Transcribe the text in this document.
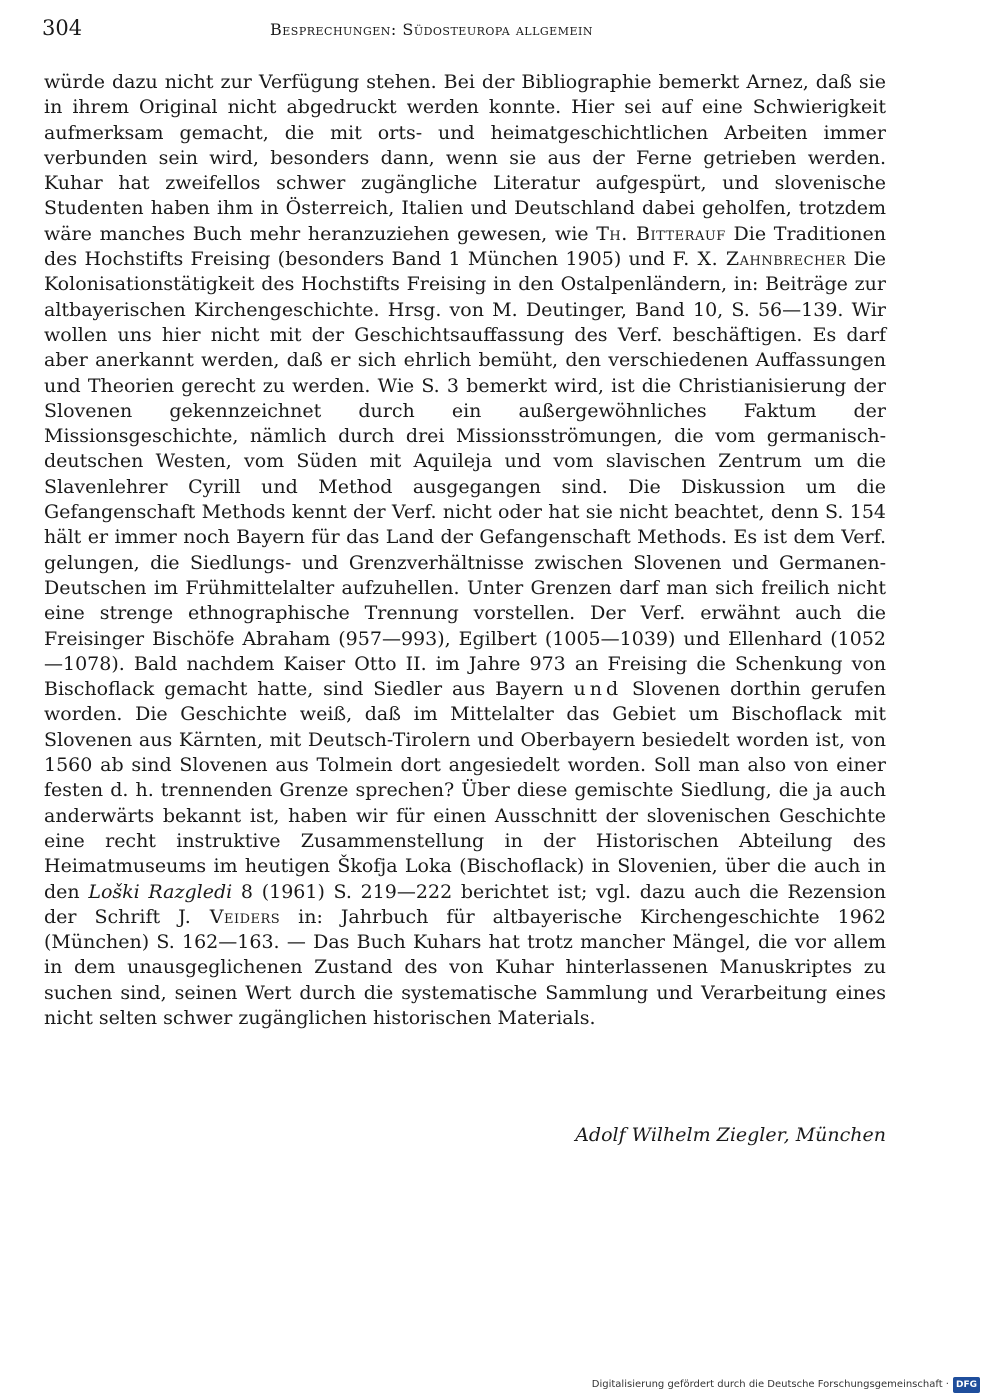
304	Besprechungen: Südosteuropa allgemein

würde dazu nicht zur Verfügung stehen. Bei der Bibliographie bemerkt Arnez, daß sie in ihrem Original nicht abgedruckt werden konnte. Hier sei auf eine Schwierigkeit aufmerksam gemacht, die mit orts- und heimatgeschichtlichen Arbeiten immer verbunden sein wird, besonders dann, wenn sie aus der Ferne getrieben werden. Kuhar hat zweifellos schwer zugängliche Literatur aufgespürt, und slovenische Studenten haben ihm in Österreich, Italien und Deutschland dabei geholfen, trotzdem wäre manches Buch mehr heranzuziehen gewesen, wie Th. Bitterauf Die Traditionen des Hochstifts Freising (besonders Band 1 München 1905) und F. X. Zahnbrecher Die Kolonisationstätigkeit des Hochstifts Freising in den Ostalpenländern, in: Beiträge zur altbayerischen Kirchengeschichte. Hrsg. von M. Deutinger, Band 10, S. 56—139. Wir wollen uns hier nicht mit der Geschichtsauffassung des Verf. beschäftigen. Es darf aber anerkannt werden, daß er sich ehrlich bemüht, den verschiedenen Auffassungen und Theorien gerecht zu werden. Wie S. 3 bemerkt wird, ist die Christianisierung der Slovenen gekennzeichnet durch ein außergewöhnliches Faktum der Missionsgeschichte, nämlich durch drei Missionsströmungen, die vom germanisch-deutschen Westen, vom Süden mit Aquileja und vom slavischen Zentrum um die Slavenlehrer Cyrill und Method ausgegangen sind. Die Diskussion um die Gefangenschaft Methods kennt der Verf. nicht oder hat sie nicht beachtet, denn S. 154 hält er immer noch Bayern für das Land der Gefangenschaft Methods. Es ist dem Verf. gelungen, die Siedlungs- und Grenzverhältnisse zwischen Slovenen und Germanen-Deutschen im Frühmittelalter aufzuhellen. Unter Grenzen darf man sich freilich nicht eine strenge ethnographische Trennung vorstellen. Der Verf. erwähnt auch die Freisinger Bischöfe Abraham (957—993), Egilbert (1005—1039) und Ellenhard (1052—1078). Bald nachdem Kaiser Otto II. im Jahre 973 an Freising die Schenkung von Bischoflack gemacht hatte, sind Siedler aus Bayern und Slovenen dorthin gerufen worden. Die Geschichte weiß, daß im Mittelalter das Gebiet um Bischoflack mit Slovenen aus Kärnten, mit Deutsch-Tirolern und Oberbayern besiedelt worden ist, von 1560 ab sind Slovenen aus Tolmein dort angesiedelt worden. Soll man also von einer festen d. h. trennenden Grenze sprechen? Über diese gemischte Siedlung, die ja auch anderwärts bekannt ist, haben wir für einen Ausschnitt der slovenischen Geschichte eine recht instruktive Zusammenstellung in der Historischen Abteilung des Heimatmuseums im heutigen Škofja Loka (Bischoflack) in Slovenien, über die auch in den Loški Razgledi 8 (1961) S. 219—222 berichtet ist; vgl. dazu auch die Rezension der Schrift J. Veiders in: Jahrbuch für altbayerische Kirchengeschichte 1962 (München) S. 162—163. — Das Buch Kuhars hat trotz mancher Mängel, die vor allem in dem unausgeglichenen Zustand des von Kuhar hinterlassenen Manuskriptes zu suchen sind, seinen Wert durch die systematische Sammlung und Verarbeitung eines nicht selten schwer zugänglichen historischen Materials.

Adolf Wilhelm Ziegler, München
Digitalisierung gefördert durch die Deutsche Forschungsgemeinschaft · DFG
